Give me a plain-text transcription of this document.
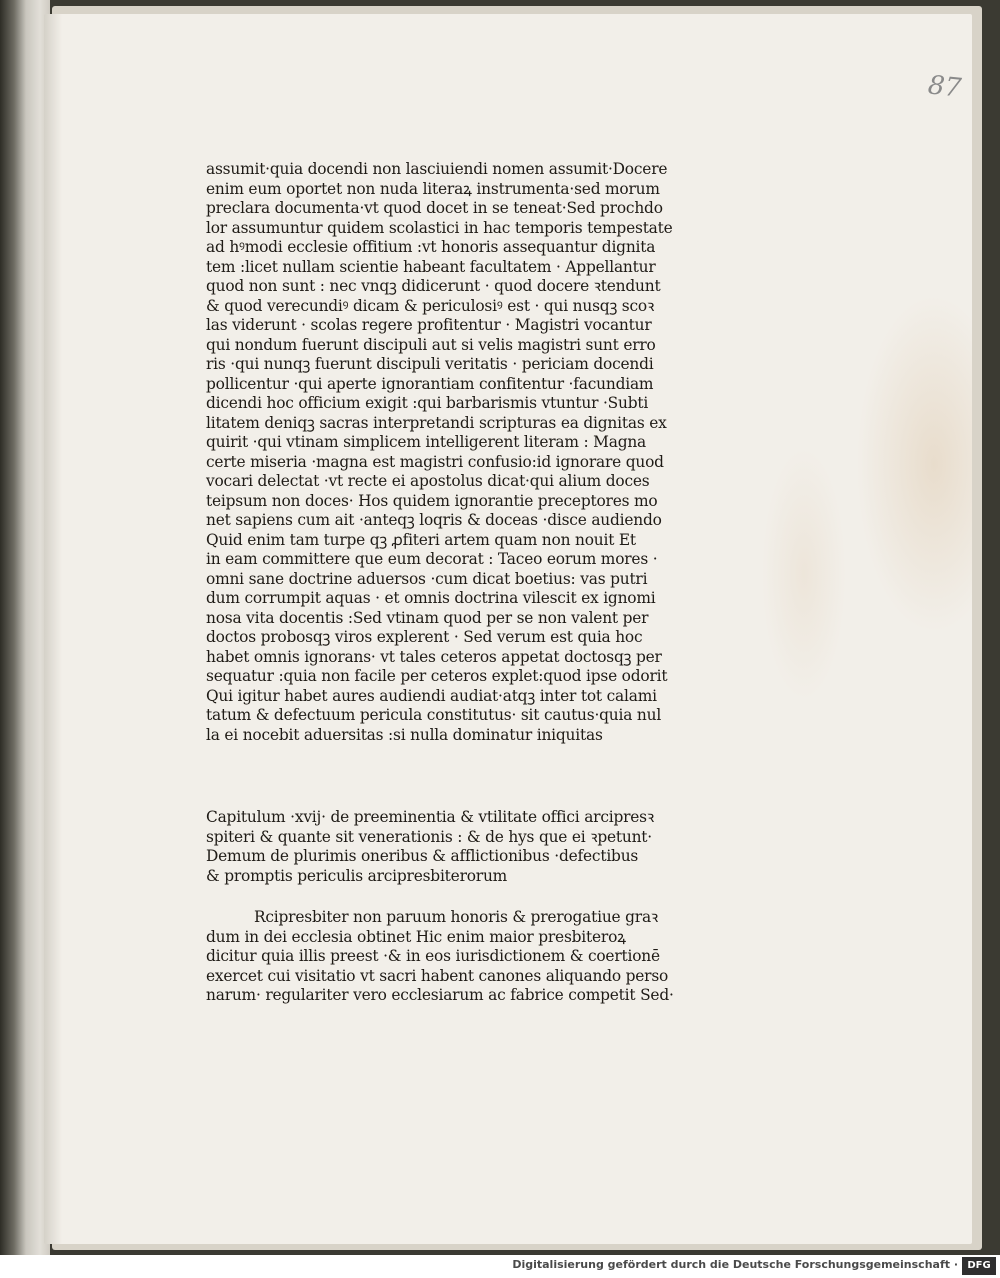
87
assumit·quia docendi non lasciuiendi nomen assumit·Docere
enim eum oportet non nuda literaꝝ instrumenta·sed morum
preclara documenta·vt quod docet in se teneat·Sed prochdo
lor assumuntur quidem scolastici in hac temporis tempestate
ad hꝰmodi ecclesie offitium :vt honoris assequantur dignita
tem :licet nullam scientie habeant facultatem · Appellantur
quod non sunt : nec vnqꝫ didicerunt · quod docere ꝛtendunt
& quod verecundiꝰ dicam & periculosiꝰ est · qui nusqꝫ scoꝛ
las viderunt · scolas regere profitentur · Magistri vocantur
qui nondum fuerunt discipuli aut si velis magistri sunt erro
ris ·qui nunqꝫ fuerunt discipuli veritatis · periciam docendi
pollicentur ·qui aperte ignorantiam confitentur ·facundiam
dicendi hoc officium exigit :qui barbarismis vtuntur ·Subti
litatem deniqꝫ sacras interpretandi scripturas ea dignitas ex
quirit ·qui vtinam simplicem intelligerent literam : Magna
certe miseria ·magna est magistri confusio:id ignorare quod
vocari delectat ·vt recte ei apostolus dicat·qui alium doces
teipsum non doces· Hos quidem ignorantie preceptores mo
net sapiens cum ait ·anteqꝫ loqris & doceas ·disce audiendo
Quid enim tam turpe qꝫ ꝓfiteri artem quam non nouit Et
in eam committere que eum decorat : Taceo eorum mores ·
omni sane doctrine aduersos ·cum dicat boetius: vas putri
dum corrumpit aquas · et omnis doctrina vilescit ex ignomi
nosa vita docentis :Sed vtinam quod per se non valent per
doctos probosqꝫ viros explerent · Sed verum est quia hoc
habet omnis ignorans· vt tales ceteros appetat doctosqꝫ per
sequatur :quia non facile per ceteros explet:quod ipse odorit
Qui igitur habet aures audiendi audiat·atqꝫ inter tot calami
tatum & defectuum pericula constitutus· sit cautus·quia nul
la ei nocebit aduersitas :si nulla dominatur iniquitas
Capitulum ·xvij· de preeminentia & vtilitate offici arcipresꝛ
spiteri & quante sit venerationis : & de hys que ei ꝛpetunt·
Demum de plurimis oneribus & afflictionibus ·defectibus
& promptis periculis arcipresbiterorum
Rcipresbiter non paruum honoris & prerogatiue graꝛ
dum in dei ecclesia obtinet Hic enim maior presbiteroꝝ
dicitur quia illis preest ·& in eos iurisdictionem & coertionē
exercet cui visitatio vt sacri habent canones aliquando perso
narum· regulariter vero ecclesiarum ac fabrice competit Sed·
Digitalisierung gefördert durch die Deutsche Forschungsgemeinschaft · DFG
